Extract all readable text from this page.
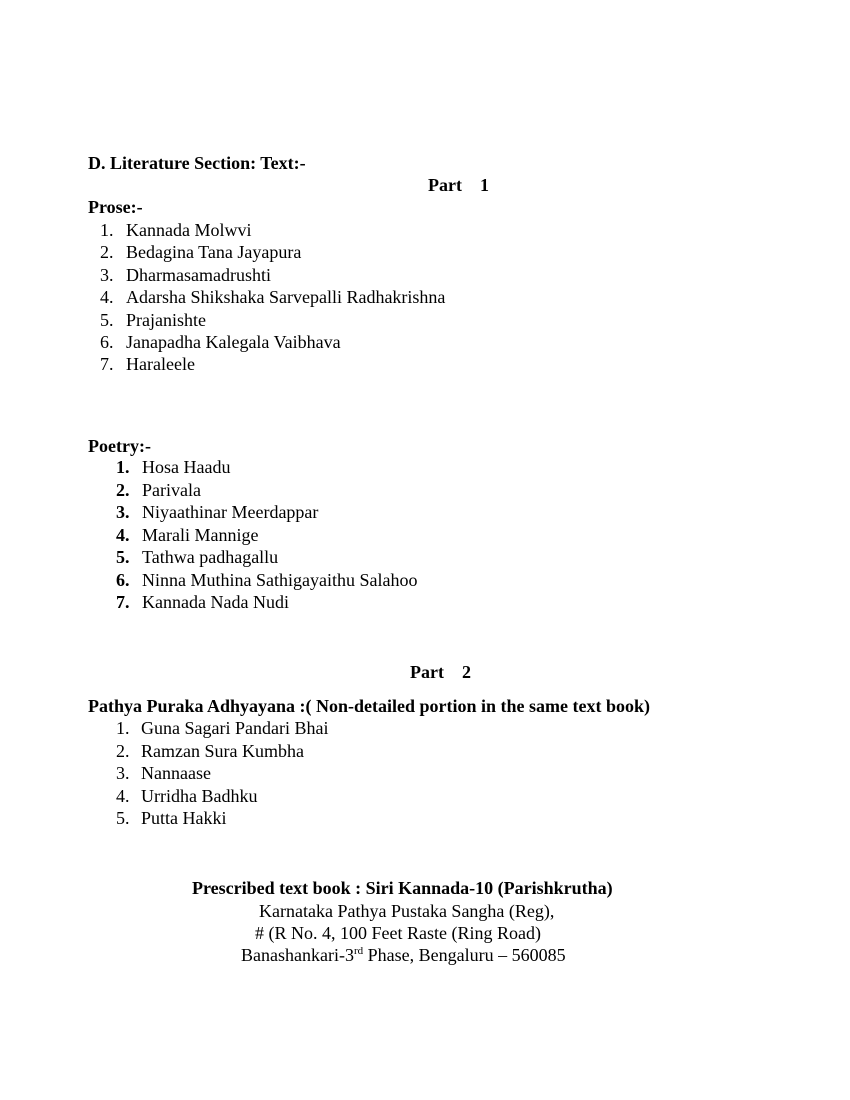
D. Literature Section: Text:-
Part 1
Prose:-
1. Kannada Molwvi
2. Bedagina Tana Jayapura
3. Dharmasamadrushti
4. Adarsha Shikshaka Sarvepalli Radhakrishna
5. Prajanishte
6. Janapadha Kalegala Vaibhava
7. Haraleele
Poetry:-
1. Hosa Haadu
2. Parivala
3. Niyaathinar Meerdappar
4. Marali Mannige
5. Tathwa padhagallu
6. Ninna Muthina Sathigayaithu Salahoo
7. Kannada Nada Nudi
Part 2
Pathya Puraka Adhyayana :( Non-detailed portion in the same text book)
1. Guna Sagari Pandari Bhai
2. Ramzan Sura Kumbha
3. Nannaase
4. Urridha Badhku
5. Putta Hakki
Prescribed text book : Siri Kannada-10 (Parishkrutha)
Karnataka Pathya Pustaka Sangha (Reg),
# (R No. 4, 100 Feet Raste (Ring Road)
Banashankari-3rd Phase, Bengaluru – 560085
